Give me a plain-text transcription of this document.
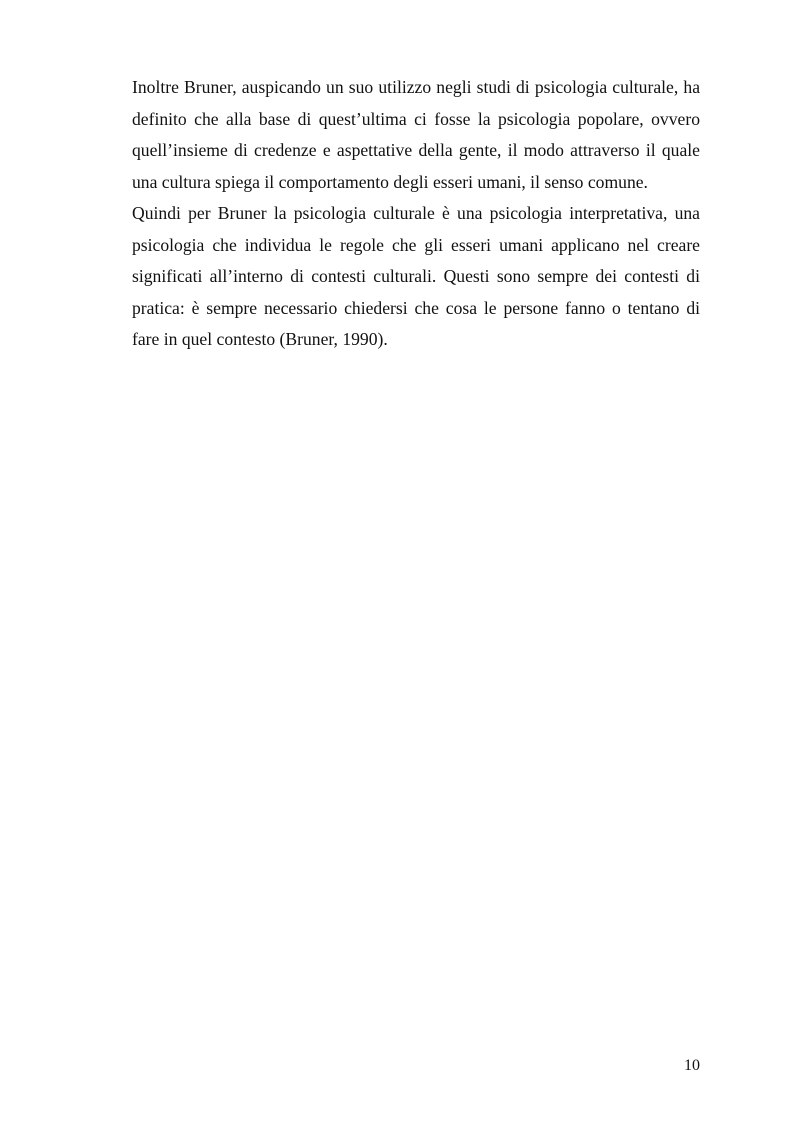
Inoltre Bruner, auspicando un suo utilizzo negli studi di psicologia culturale, ha definito che alla base di quest’ultima ci fosse la psicologia popolare, ovvero quell’insieme di credenze e aspettative della gente, il modo attraverso il quale una cultura spiega il comportamento degli esseri umani, il senso comune.

Quindi per Bruner la psicologia culturale è una psicologia interpretativa, una psicologia che individua le regole che gli esseri umani applicano nel creare significati all’interno di contesti culturali. Questi sono sempre dei contesti di pratica: è sempre necessario chiedersi che cosa le persone fanno o tentano di fare in quel contesto (Bruner, 1990).

10
